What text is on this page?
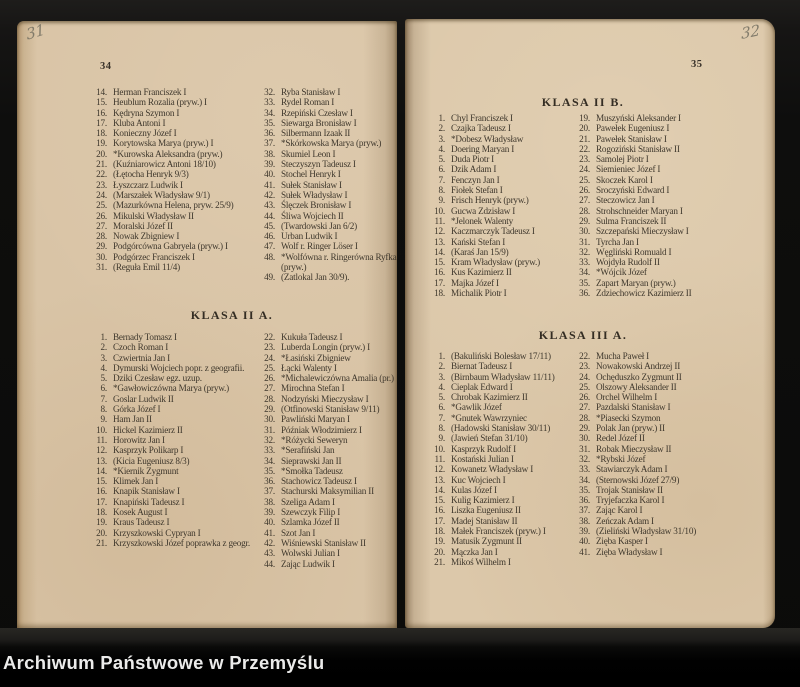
31
34
14. Herman Franciszek I
15. Heublum Rozalia (pryw.) I
16. Kędryna Szymon I
17. Kluba Antoni I
18. Konieczny Józef I
19. Korytowska Marya (pryw.) I
20. *Kurowska Aleksandra (pryw.)
21. (Kuźniarowicz Antoni 18/10)
22. (Łętocha Henryk 9/3)
23. Łyszczarz Ludwik I
24. (Marszałek Władysław 9/1)
25. (Mazurkówna Helena, pryw. 25/9)
26. Mikulski Władysław II
27. Moralski Józef II
28. Nowak Zbigniew I
29. Podgórcówna Gabryela (pryw.) I
30. Podgórzec Franciszek I
31. (Reguła Emil 11/4)
32. Ryba Stanisław I
33. Rydel Roman I
34. Rzepiński Czesław I
35. Siewarga Bronisław I
36. Silbermann Izaak II
37. *Skórkowska Marya (pryw.)
38. Skumiel Leon I
39. Steczyszyn Tadeusz I
40. Stochel Henryk I
41. Sułek Stanisław I
42. Sułek Władysław I
43. Ślęczek Bronisław I
44. Śliwa Wojciech II
45. (Twardowski Jan 6/2)
46. Urban Ludwik I
47. Wolf r. Ringer Löser I
48. *Wolfówna r. Ringerówna Ryfka (pryw.)
49. (Zatlokal Jan 30/9).
KLASA II A.
1. Bernady Tomasz I
2. Czoch Roman I
3. Czwiertnia Jan I
4. Dymurski Wojciech popr. z geografii.
5. Dziki Czesław egz. uzup.
6. *Gawłowiczówna Marya (pryw.)
7. Goslar Ludwik II
8. Górka Józef I
9. Ham Jan II
10. Hickel Kazimierz II
11. Horowitz Jan I
12. Kasprzyk Polikarp I
13. (Kicia Eugeniusz 8/3)
14. *Kiernik Zygmunt
15. Klimek Jan I
16. Knapik Stanisław I
17. Knapiński Tadeusz I
18. Kosek August I
19. Kraus Tadeusz I
20. Krzyszkowski Cypryan I
21. Krzyszkowski Józef poprawka z geogr.
22. Kukuła Tadeusz I
23. Luberda Longin (pryw.) I
24. *Łasiński Zbigniew
25. Łącki Walenty I
26. *Michalewiczówna Amalia (pr.)
27. Mirochna Stefan I
28. Nodzyński Mieczysław I
29. (Otfinowski Stanisław 9/11)
30. Pawliński Maryan I
31. Późniak Włodzimierz I
32. *Różycki Seweryn
33. *Serafiński Jan
34. Sieprawski Jan II
35. *Smołka Tadeusz
36. Stachowicz Tadeusz I
37. Stachurski Maksymilian II
38. Szeliga Adam I
39. Szewczyk Filip I
40. Szlamka Józef II
41. Szot Jan I
42. Wiśniewski Stanisław II
43. Wolwski Julian I
44. Zając Ludwik I
32
35
KLASA II B.
1. Chyl Franciszek I
2. Czajka Tadeusz I
3. *Dobesz Władysław
4. Doering Maryan I
5. Duda Piotr I
6. Dzik Adam I
7. Fenczyn Jan I
8. Fiołek Stefan I
9. Frisch Henryk (pryw.)
10. Gucwa Zdzisław I
11. *Jelonek Walenty
12. Kaczmarczyk Tadeusz I
13. Kański Stefan I
14. (Karaś Jan 15/9)
15. Kram Władysław (pryw.)
16. Kus Kazimierz II
17. Majka Józef I
18. Michalik Piotr I
19. Muszyński Aleksander I
20. Pawełek Eugeniusz I
21. Pawełek Stanisław I
22. Rogoziński Stanisław II
23. Samolej Piotr I
24. Siemieniec Józef I
25. Skoczek Karol I
26. Sroczyński Edward I
27. Steczowicz Jan I
28. Strohschneider Maryan I
29. Sulma Franciszek II
30. Szczepański Mieczysław I
31. Tyrcha Jan I
32. Węgliński Romuald I
33. Wojdyła Rudolf II
34. *Wójcik Józef
35. Zapart Maryan (pryw.)
36. Zdziechowicz Kazimierz II
KLASA III A.
1. (Bakuliński Bolesław 17/11)
2. Biernat Tadeusz I
3. (Birnbaum Władysław 11/11)
4. Cieplak Edward I
5. Chrobak Kazimierz II
6. *Gawlik Józef
7. *Gnutek Wawrzyniec
8. (Hadowski Stanisław 30/11)
9. (Jawień Stefan 31/10)
10. Kasprzyk Rudolf I
11. Kostański Julian I
12. Kowanetz Władysław I
13. Kuc Wojciech I
14. Kulas Józef I
15. Kulig Kazimierz I
16. Liszka Eugeniusz II
17. Madej Stanisław II
18. Małek Franciszek (pryw.) I
19. Matusik Zygmunt II
20. Mączka Jan I
21. Mikoś Wilhelm I
22. Mucha Paweł I
23. Nowakowski Andrzej II
24. Ochęduszko Zygmunt II
25. Olszowy Aleksander II
26. Orchel Wilhelm I
27. Pazdalski Stanisław I
28. *Piasecki Szymon
29. Polak Jan (pryw.) II
30. Redel Józef II
31. Robak Mieczysław II
32. *Rybski Józef
33. Stawiarczyk Adam I
34. (Sternowski Józef 27/9)
35. Trojak Stanisław II
36. Tryjefaczka Karol I
37. Zając Karol I
38. Zeńczak Adam I
39. (Zieliński Władysław 31/10)
40. Zięba Kasper I
41. Zięba Władysław I
Archiwum Państwowe w Przemyślu
